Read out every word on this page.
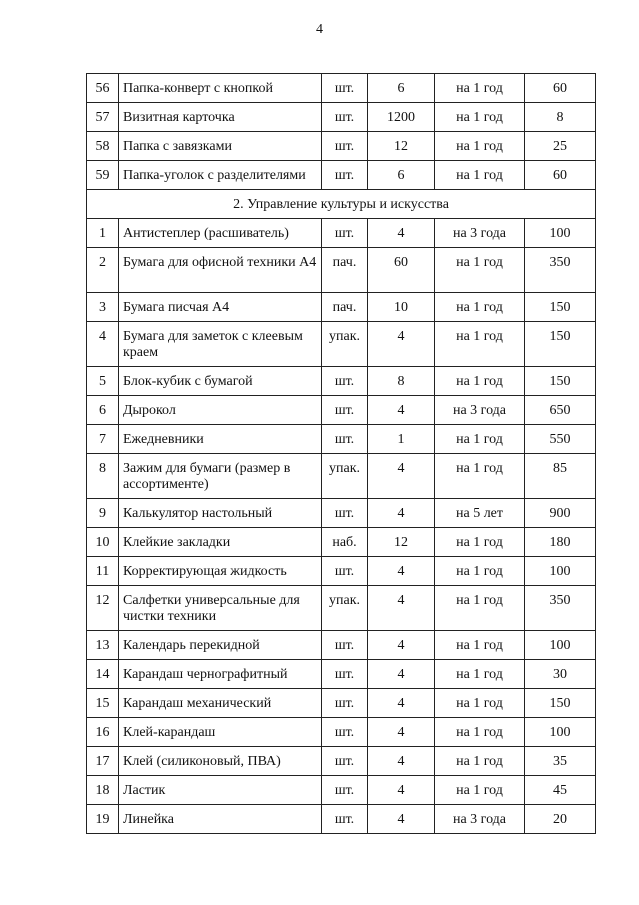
4
56	Папка-конверт с кнопкой	шт.	6	на 1 год	60
57	Визитная карточка	шт.	1200	на 1 год	8
58	Папка с завязками	шт.	12	на 1 год	25
59	Папка-уголок с разделителями	шт.	6	на 1 год	60
2. Управление культуры и искусства					
1	Антистеплер (расшиватель)	шт.	4	на 3 года	100
2	Бумага для офисной техники А4	пач.	60	на 1 год	350
3	Бумага писчая А4	пач.	10	на 1 год	150
4	Бумага для заметок с клеевым краем	упак.	4	на 1 год	150
5	Блок-кубик с бумагой	шт.	8	на 1 год	150
6	Дырокол	шт.	4	на 3 года	650
7	Ежедневники	шт.	1	на 1 год	550
8	Зажим для бумаги (размер в ассортименте)	упак.	4	на 1 год	85
9	Калькулятор настольный	шт.	4	на 5 лет	900
10	Клейкие закладки	наб.	12	на 1 год	180
11	Корректирующая жидкость	шт.	4	на 1 год	100
12	Салфетки универсальные для чистки техники	упак.	4	на 1 год	350
13	Календарь перекидной	шт.	4	на 1 год	100
14	Карандаш чернографитный	шт.	4	на 1 год	30
15	Карандаш механический	шт.	4	на 1 год	150
16	Клей-карандаш	шт.	4	на 1 год	100
17	Клей (силиконовый, ПВА)	шт.	4	на 1 год	35
18	Ластик	шт.	4	на 1 год	45
19	Линейка	шт.	4	на 3 года	20
